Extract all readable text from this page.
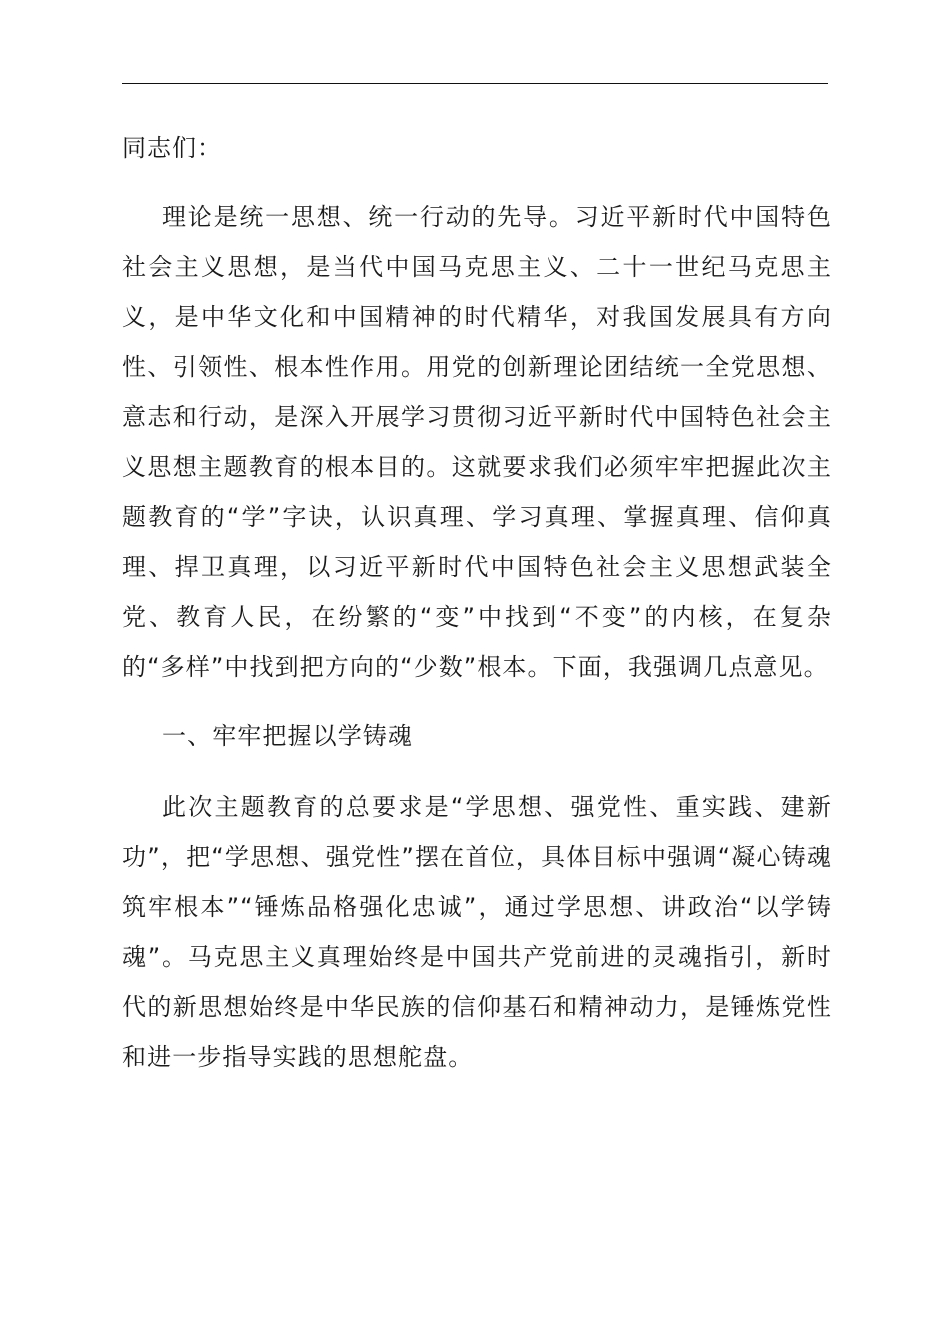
同志们：

理论是统一思想、统一行动的先导。习近平新时代中国特色社会主义思想，是当代中国马克思主义、二十一世纪马克思主义，是中华文化和中国精神的时代精华，对我国发展具有方向性、引领性、根本性作用。用党的创新理论团结统一全党思想、意志和行动，是深入开展学习贯彻习近平新时代中国特色社会主义思想主题教育的根本目的。这就要求我们必须牢牢把握此次主题教育的“学”字诀，认识真理、学习真理、掌握真理、信仰真理、捍卫真理，以习近平新时代中国特色社会主义思想武装全党、教育人民，在纷繁的“变”中找到“不变”的内核，在复杂的“多样”中找到把方向的“少数”根本。下面，我强调几点意见。

一、牢牢把握以学铸魂

此次主题教育的总要求是“学思想、强党性、重实践、建新功”，把“学思想、强党性”摆在首位，具体目标中强调“凝心铸魂筑牢根本”“锤炼品格强化忠诚”，通过学思想、讲政治“以学铸魂”。马克思主义真理始终是中国共产党前进的灵魂指引，新时代的新思想始终是中华民族的信仰基石和精神动力，是锤炼党性和进一步指导实践的思想舵盘。
